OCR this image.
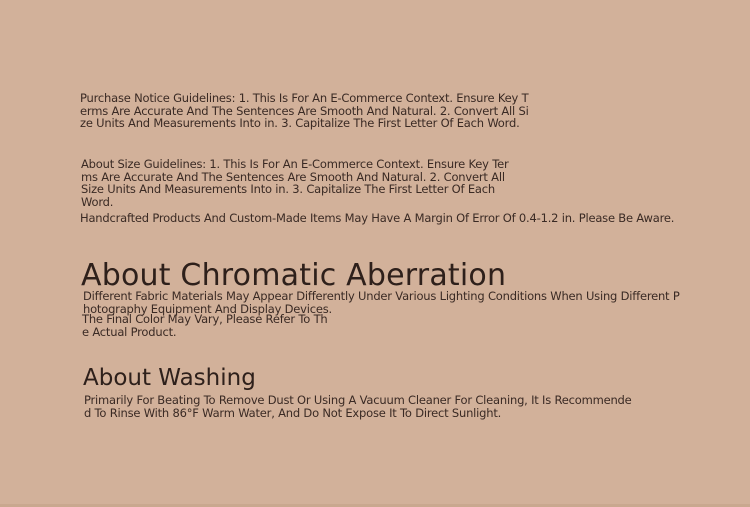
Purchase Notice Guidelines: 1. This Is For An E-Commerce Context. Ensure Key Terms Are Accurate And The Sentences Are Smooth And Natural. 2. Convert All Size Units And Measurements Into in. 3. Capitalize The First Letter Of Each Word.

About Size Guidelines: 1. This Is For An E-Commerce Context. Ensure Key Terms Are Accurate And The Sentences Are Smooth And Natural. 2. Convert All Size Units And Measurements Into in. 3. Capitalize The First Letter Of Each Word.

Handcrafted Products And Custom-Made Items May Have A Margin Of Error Of 0.4-1.2 in. Please Be Aware.

About Chromatic Aberration

Different Fabric Materials May Appear Differently Under Various Lighting Conditions When Using Different Photography Equipment And Display Devices.

The Final Color May Vary, Please Refer To The Actual Product.

About Washing

Primarily For Beating To Remove Dust Or Using A Vacuum Cleaner For Cleaning, It Is Recommended To Rinse With 86°F Warm Water, And Do Not Expose It To Direct Sunlight.
